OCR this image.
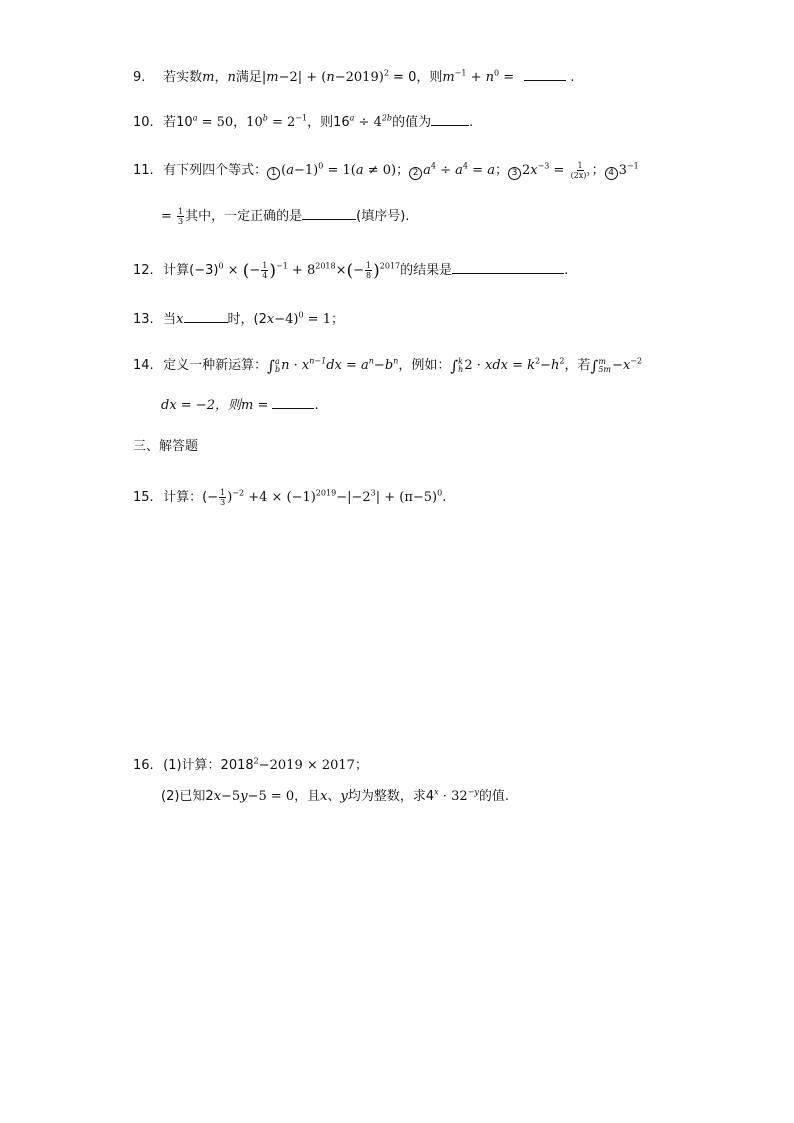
9. 若实数m，n满足$|m-2| + (n-2019)^2 = 0$，则$m^{-1} + n^0$ =	.
10. 若$10^a = 50$，$10^b = 2^{-1}$，则$16^a \div 4^{2b}$的值为	.
11. 有下列四个等式： 1 $(a-1)^0 = 1(a \ne 0)$； 2 $a^4 \div a^4 = a$； 3 $2x^{-3} = \frac{1}{\text{(2x)³}}$ ； 4 $3^{-1}$
= $\frac{1}{3}$ 其中，一定正确的是	(填序号).
12. 计算$(-3)^0$ × (− $\frac{1}{4} )^{-1} + 8^{2018}\times(- \frac{1}{8} )^{2017}$的结果是	.
13. 当x	时，$(2x-4)^0 = 1$；
14. 定义一种新运算：∫ a
b $n \cdot x^{n-1}dx = a^n-b^n$，例如：∫ k
h 2 · xdx = $k^2-h^2$，若∫ m
$5m -x^{-2}$
dx = −2，则m =	.
三、解答题
15. 计算：(− $\frac{1}{3} )^{-2} +4 \times (-1)^{2019}-|-2^3| + (\pi-5)^0$.
16. (1)计算：$2018^2-2019 \times 2017$；
(2)已知2x−5y−5 = 0，且x、y均为整数，求$4^x \cdot 32^{-y}$的值.
